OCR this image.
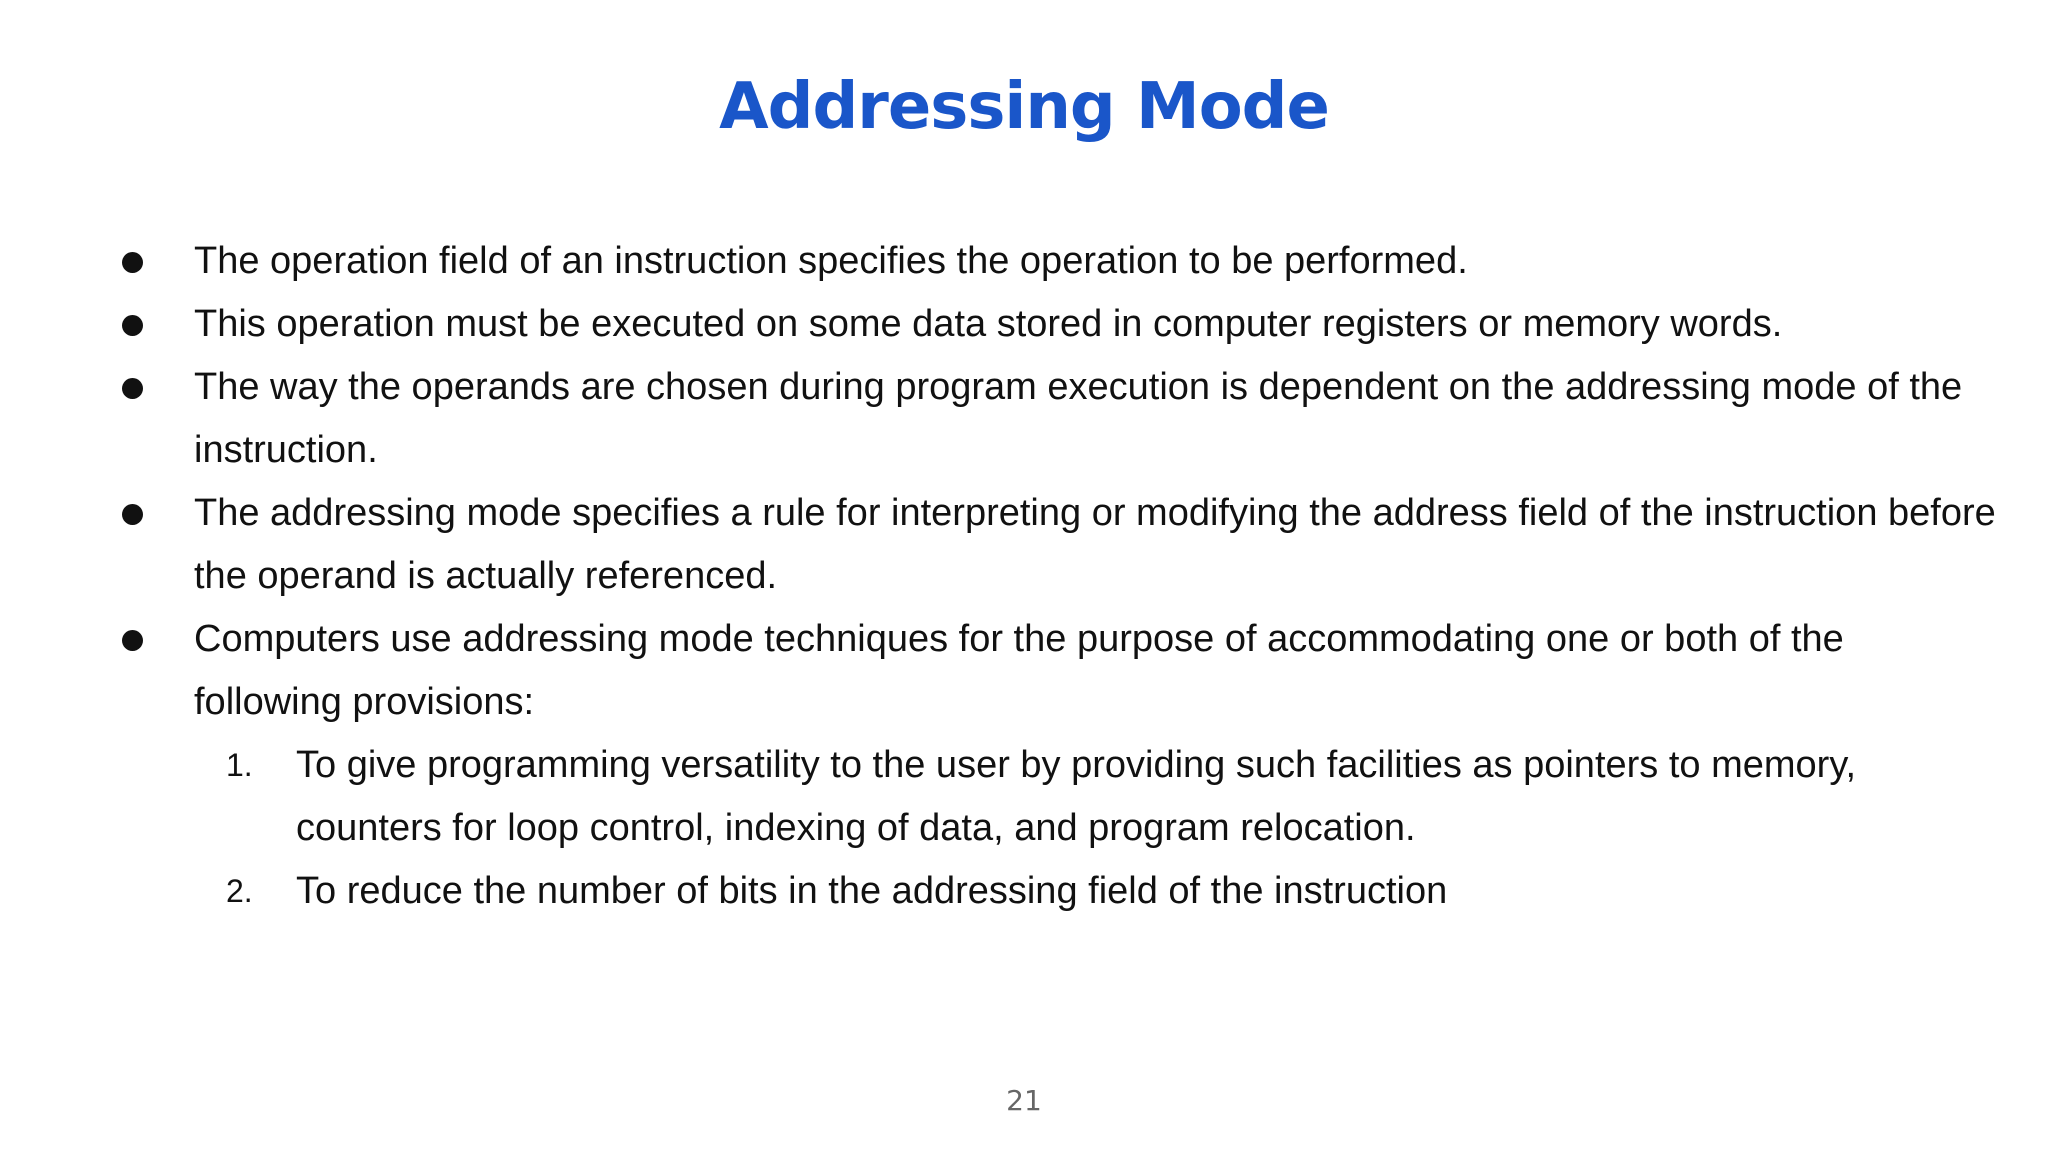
Addressing Mode
The operation field of an instruction specifies the operation to be performed.
This operation must be executed on some data stored in computer registers or memory words.
The way the operands are chosen during program execution is dependent on the addressing mode of the instruction.
The addressing mode specifies a rule for interpreting or modifying the address field of the instruction before the operand is actually referenced.
Computers use addressing mode techniques for the purpose of accommodating one or both of the following provisions:
1. To give programming versatility to the user by providing such facilities as pointers to memory, counters for loop control, indexing of data, and program relocation.
2. To reduce the number of bits in the addressing field of the instruction
21
